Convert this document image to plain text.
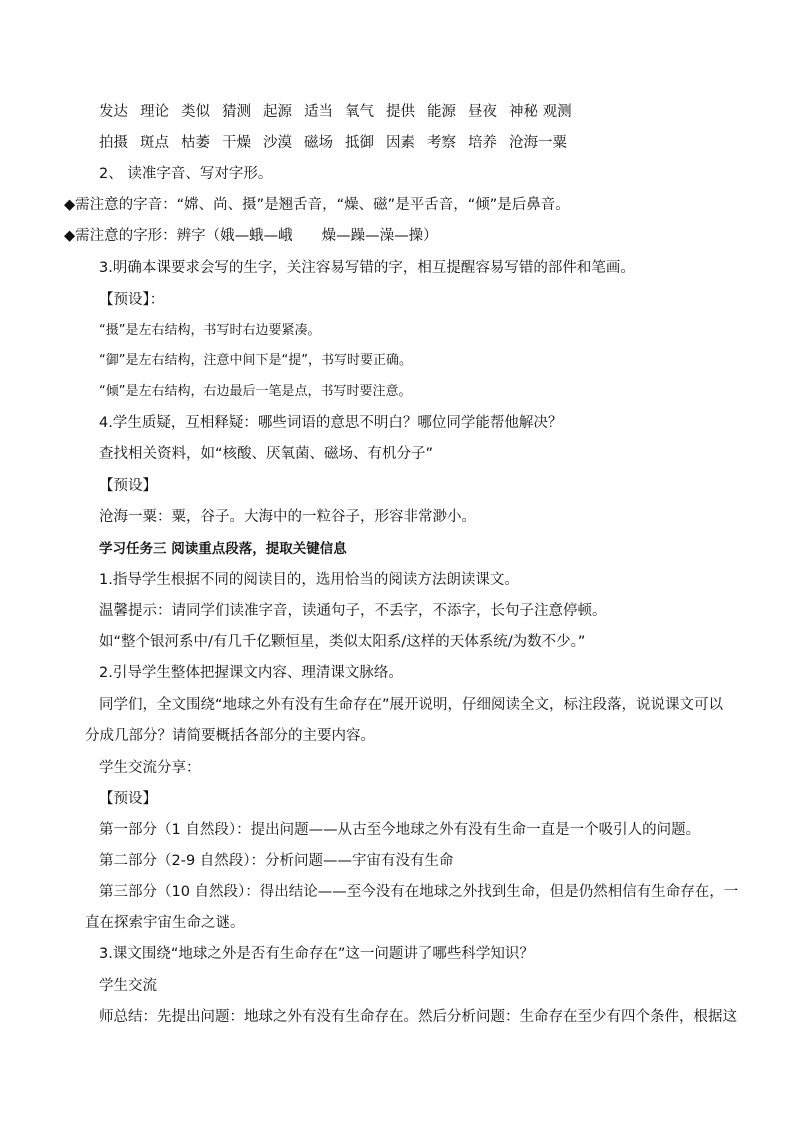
发达 理论 类似 猜测 起源 适当 氧气 提供 能源 昼夜 神秘 观测
拍摄 斑点 枯萎 干燥 沙漠 磁场 抵御 因素 考察 培养 沧海一粟
2、 读准字音、写对字形。
◆需注意的字音：“嫦、尚、摄”是翘舌音，“燥、磁”是平舌音，“倾”是后鼻音。
◆需注意的字形：辨字（娥—蛾—峨　　燥—躁—澡—操）
3.明确本课要求会写的生字，关注容易写错的字，相互提醒容易写错的部件和笔画。
【预设】：
“摄”是左右结构，书写时右边要紧凑。
“御”是左右结构，注意中间下是“提”，书写时要正确。
“倾”是左右结构，右边最后一笔是点，书写时要注意。
4.学生质疑，互相释疑：哪些词语的意思不明白？哪位同学能帮他解决？
查找相关资料，如“核酸、厌氧菌、磁场、有机分子”
【预设】
沧海一粟：粟，谷子。大海中的一粒谷子，形容非常渺小。
学习任务三 阅读重点段落，提取关键信息
1.指导学生根据不同的阅读目的，选用恰当的阅读方法朗读课文。
温馨提示：请同学们读准字音，读通句子，不丢字，不添字，长句子注意停顿。
如“整个银河系中/有几千亿颗恒星，类似太阳系/这样的天体系统/为数不少。”
2.引导学生整体把握课文内容、理清课文脉络。
同学们，全文围绕“地球之外有没有生命存在”展开说明，仔细阅读全文，标注段落，说说课文可以
分成几部分？请简要概括各部分的主要内容。
学生交流分享：
【预设】
第一部分（1 自然段）：提出问题——从古至今地球之外有没有生命一直是一个吸引人的问题。
第二部分（2-9 自然段）：分析问题——宇宙有没有生命
第三部分（10 自然段）：得出结论——至今没有在地球之外找到生命，但是仍然相信有生命存在，一
直在探索宇宙生命之谜。
3.课文围绕“地球之外是否有生命存在”这一问题讲了哪些科学知识？
学生交流
师总结：先提出问题：地球之外有没有生命存在。然后分析问题：生命存在至少有四个条件，根据这
